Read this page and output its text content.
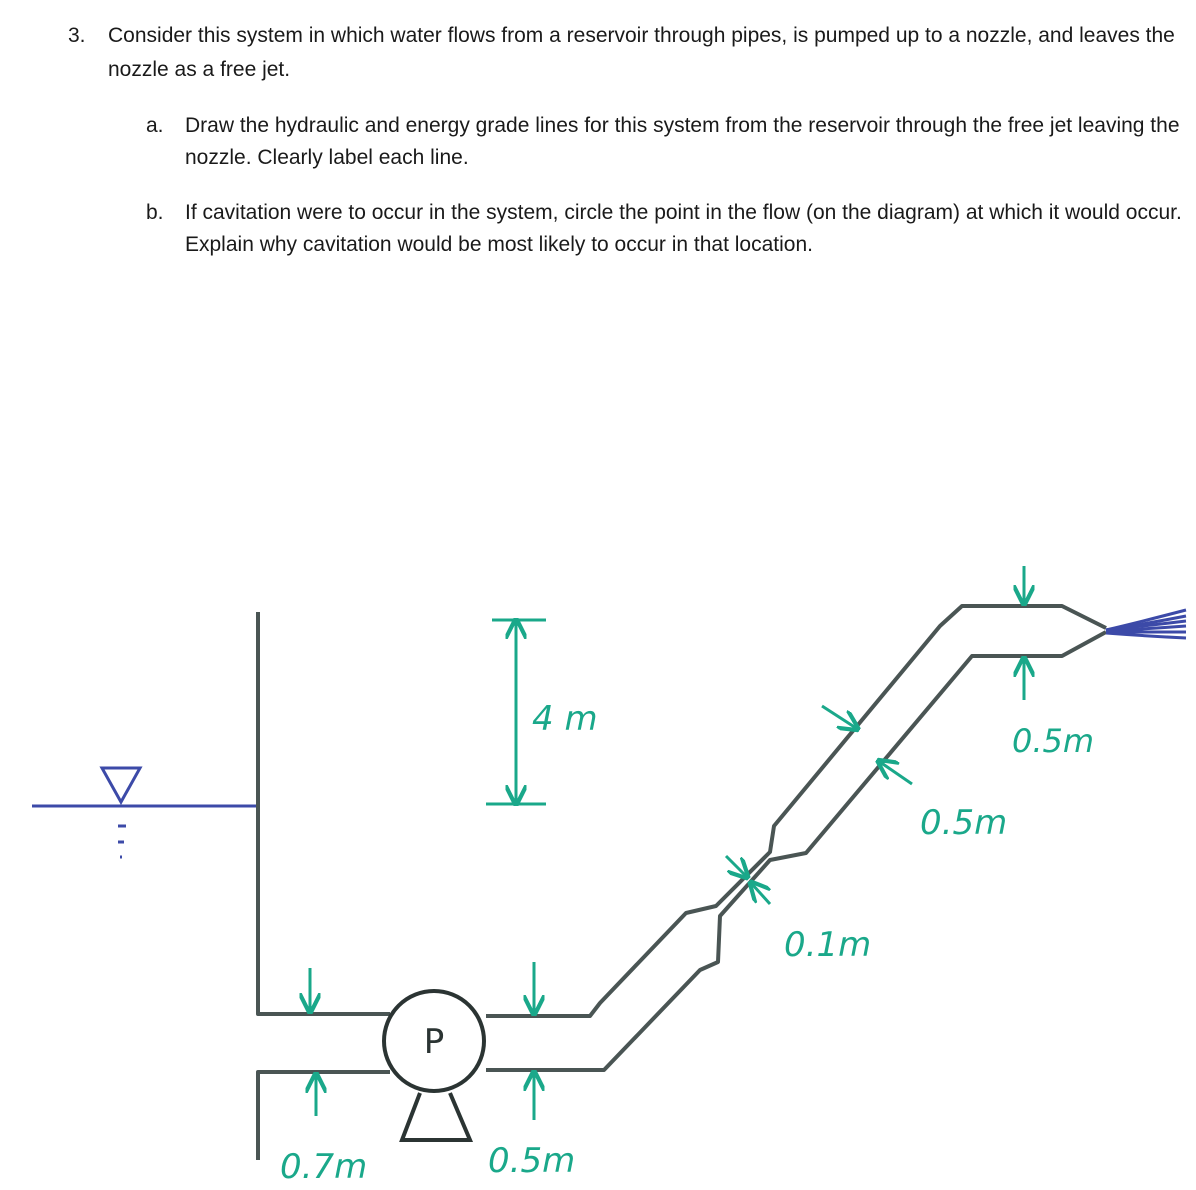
3. Consider this system in which water flows from a reservoir through pipes, is pumped up to a nozzle, and leaves the nozzle as a free jet.
a. Draw the hydraulic and energy grade lines for this system from the reservoir through the free jet leaving the nozzle. Clearly label each line.
b. If cavitation were to occur in the system, circle the point in the flow (on the diagram) at which it would occur. Explain why cavitation would be most likely to occur in that location.
P
4 m
0.7m	0.5m
0.1m
0.5m
0.5m
